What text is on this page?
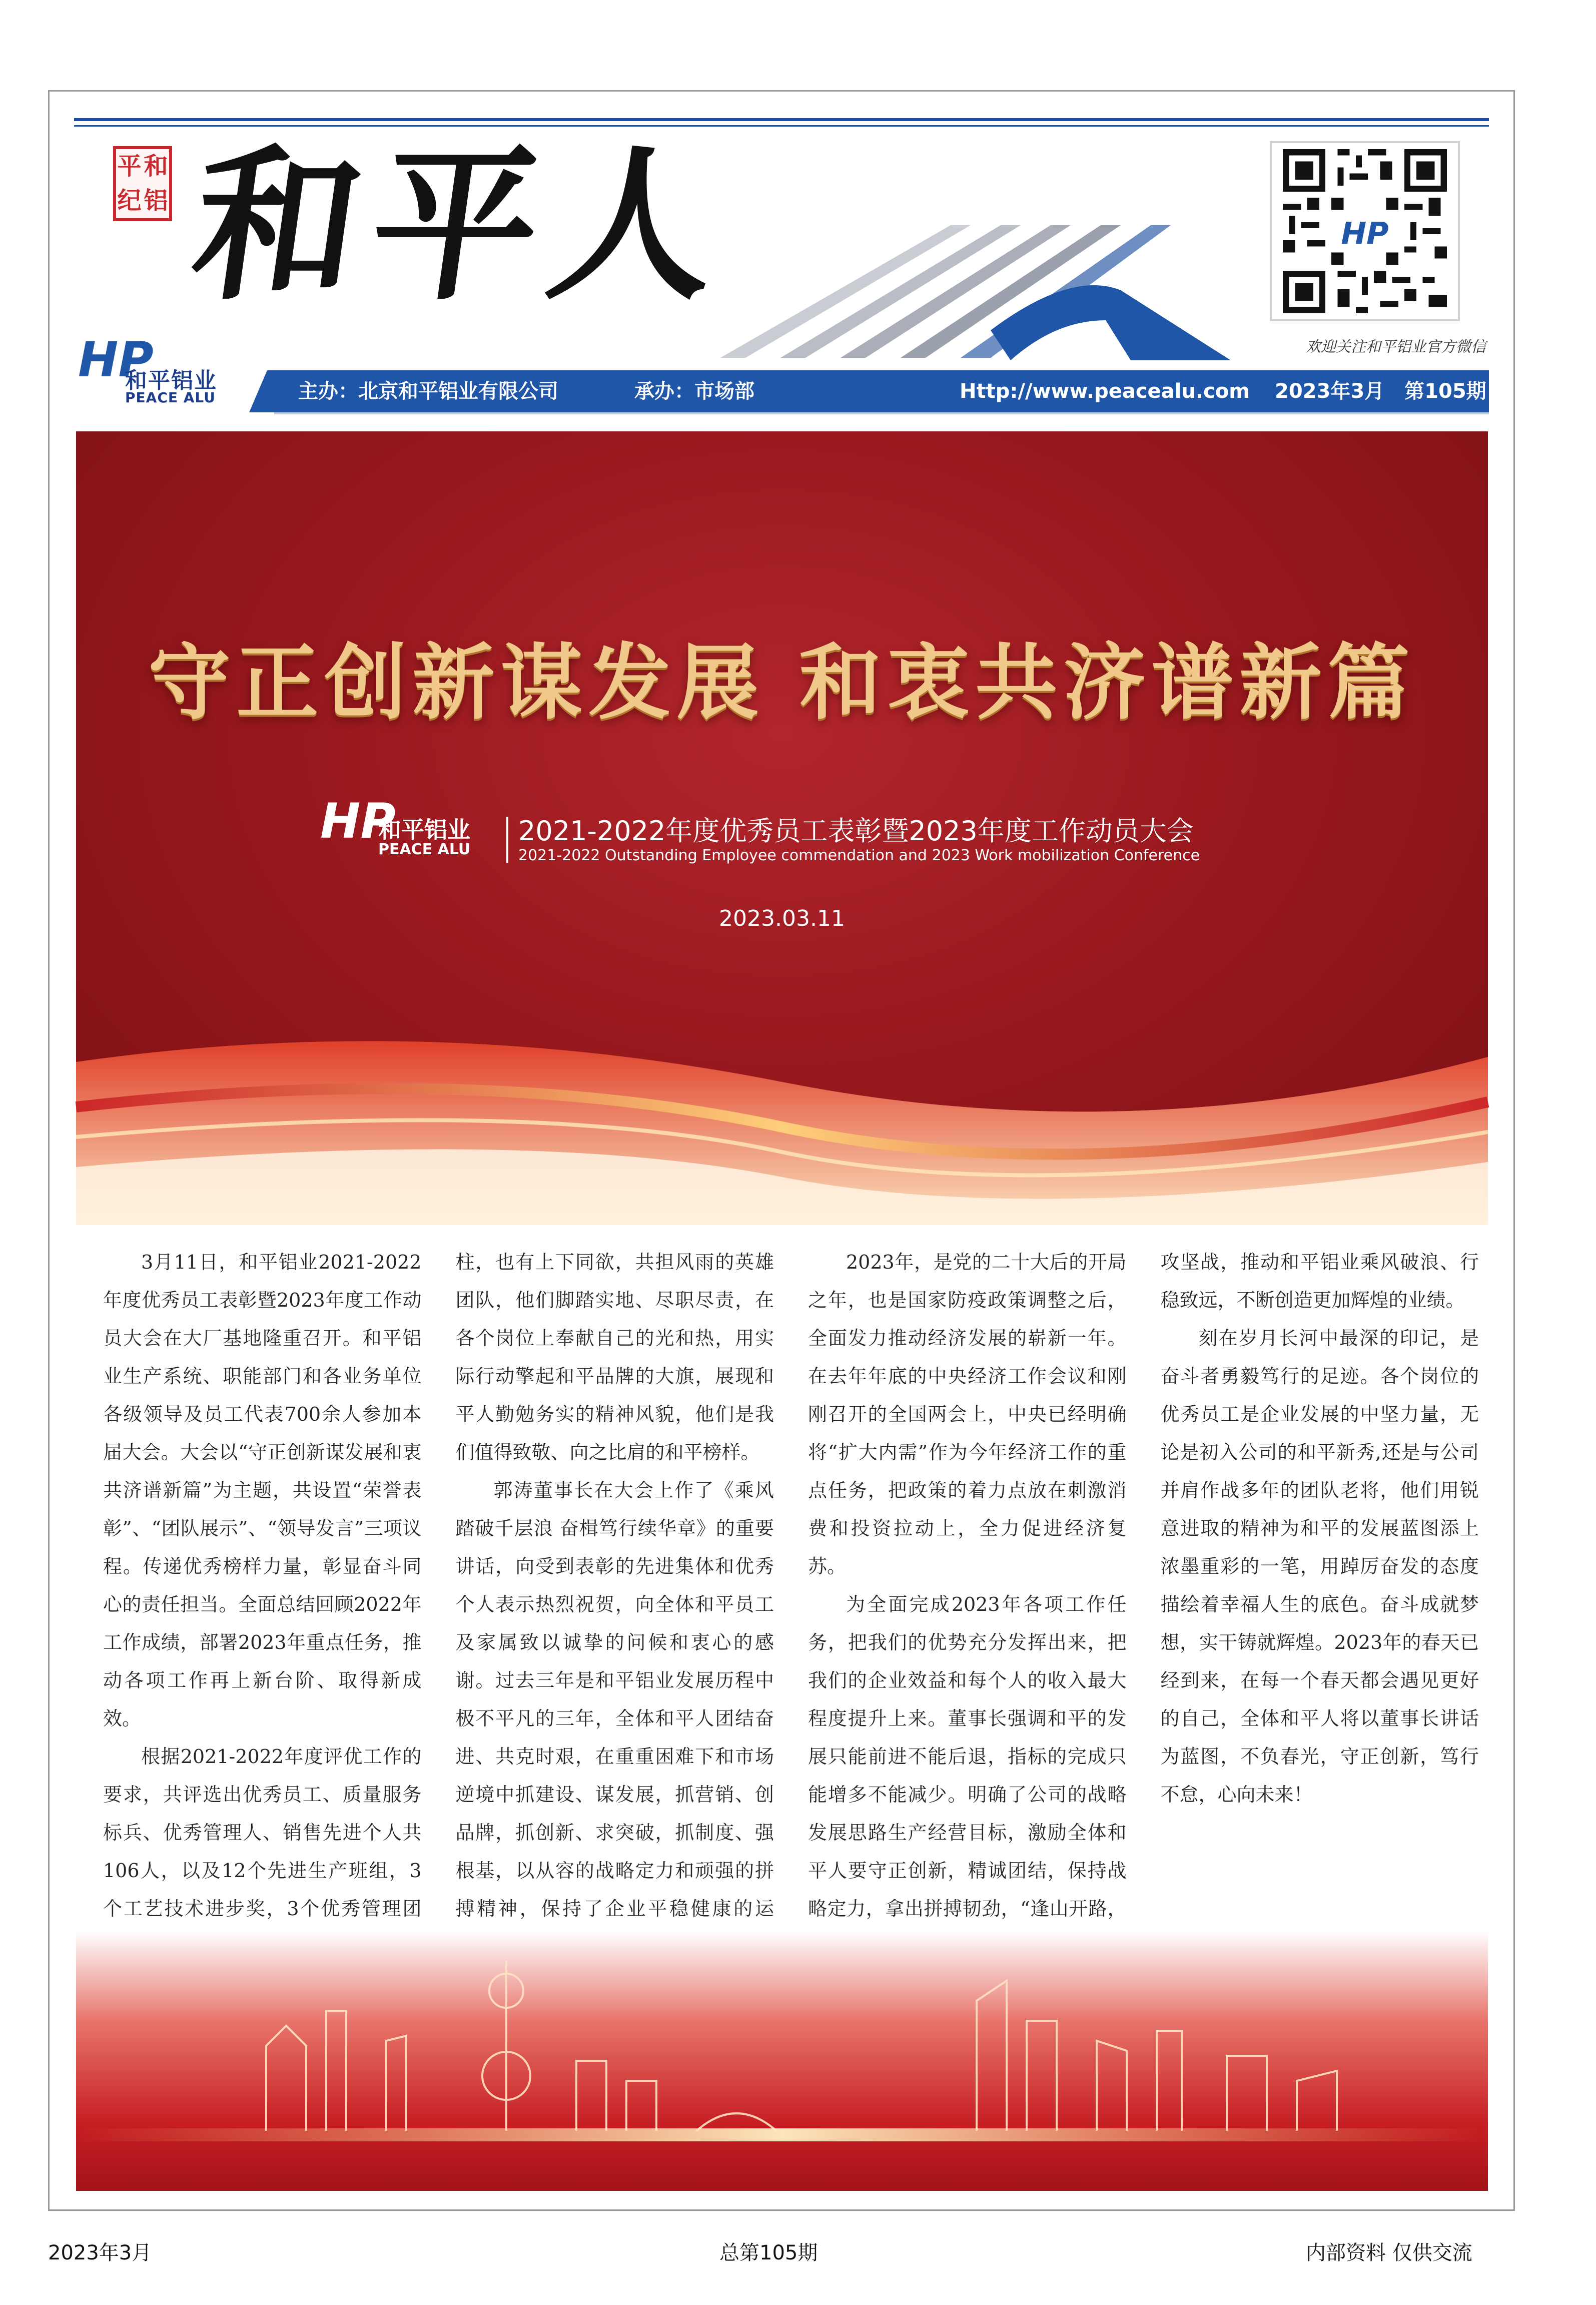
平 和
纪 铝 和平人	HP
欢迎关注和平铝业官方微信
HP
和平铝业
PEACE ALU	主办：北京和平铝业有限公司	承办：市场部	Http://www.peacealu.com 2023年3月　第105期
守正创新谋发展 和衷共济谱新篇
HP
和平铝业
PEACE ALU
2021-2022年度优秀员工表彰暨2023年度工作动员大会
2021-2022 Outstanding Employee commendation and 2023 Work mobilization Conference
2023.03.11

3月11日，和平铝业2021-2022年度优秀员工表彰暨2023年度工作动员大会在大厂基地隆重召开。和平铝业生产系统、职能部门和各业务单位各级领导及员工代表700余人参加本届大会。大会以“守正创新谋发展和衷共济谱新篇”为主题，共设置“荣誉表彰”、“团队展示”、“领导发言”三项议程。传递优秀榜样力量，彰显奋斗同心的责任担当。全面总结回顾2022年工作成绩，部署2023年重点任务，推动各项工作再上新台阶、取得新成效。

根据2021-2022年度评优工作的要求，共评选出优秀员工、质量服务标兵、优秀管理人、销售先进个人共106人，以及12个先进生产班组，3个工艺技术进步奖，3个优秀管理团 柱，也有上下同欲，共担风雨的英雄团队，他们脚踏实地、尽职尽责，在各个岗位上奉献自己的光和热，用实际行动擎起和平品牌的大旗，展现和平人勤勉务实的精神风貌，他们是我们值得致敬、向之比肩的和平榜样。

郭涛董事长在大会上作了《乘风踏破千层浪 奋楫笃行续华章》的重要讲话，向受到表彰的先进集体和优秀个人表示热烈祝贺，向全体和平员工及家属致以诚挚的问候和衷心的感谢。过去三年是和平铝业发展历程中极不平凡的三年，全体和平人团结奋进、共克时艰，在重重困难下和市场逆境中抓建设、谋发展，抓营销、创品牌，抓创新、求突破，抓制度、强根基，以从容的战略定力和顽强的拼搏精神，保持了企业平稳健康的运

2023年，是党的二十大后的开局之年，也是国家防疫政策调整之后，全面发力推动经济发展的崭新一年。在去年年底的中央经济工作会议和刚刚召开的全国两会上，中央已经明确将“扩大内需”作为今年经济工作的重点任务，把政策的着力点放在刺激消费和投资拉动上，全力促进经济复苏。

为全面完成2023年各项工作任务，把我们的优势充分发挥出来，把我们的企业效益和每个人的收入最大程度提升上来。董事长强调和平的发展只能前进不能后退，指标的完成只能增多不能减少。明确了公司的战略发展思路生产经营目标，激励全体和平人要守正创新，精诚团结，保持战略定力，拿出拼搏韧劲，“逢山开路， 攻坚战，推动和平铝业乘风破浪、行稳致远，不断创造更加辉煌的业绩。

刻在岁月长河中最深的印记，是奋斗者勇毅笃行的足迹。各个岗位的优秀员工是企业发展的中坚力量，无论是初入公司的和平新秀,还是与公司并肩作战多年的团队老将，他们用锐意进取的精神为和平的发展蓝图添上浓墨重彩的一笔，用踔厉奋发的态度描绘着幸福人生的底色。奋斗成就梦想，实干铸就辉煌。2023年的春天已经到来，在每一个春天都会遇见更好的自己，全体和平人将以董事长讲话为蓝图，不负春光，守正创新，笃行不怠，心向未来！

2023年3月	总第105期	内部资料 仅供交流
